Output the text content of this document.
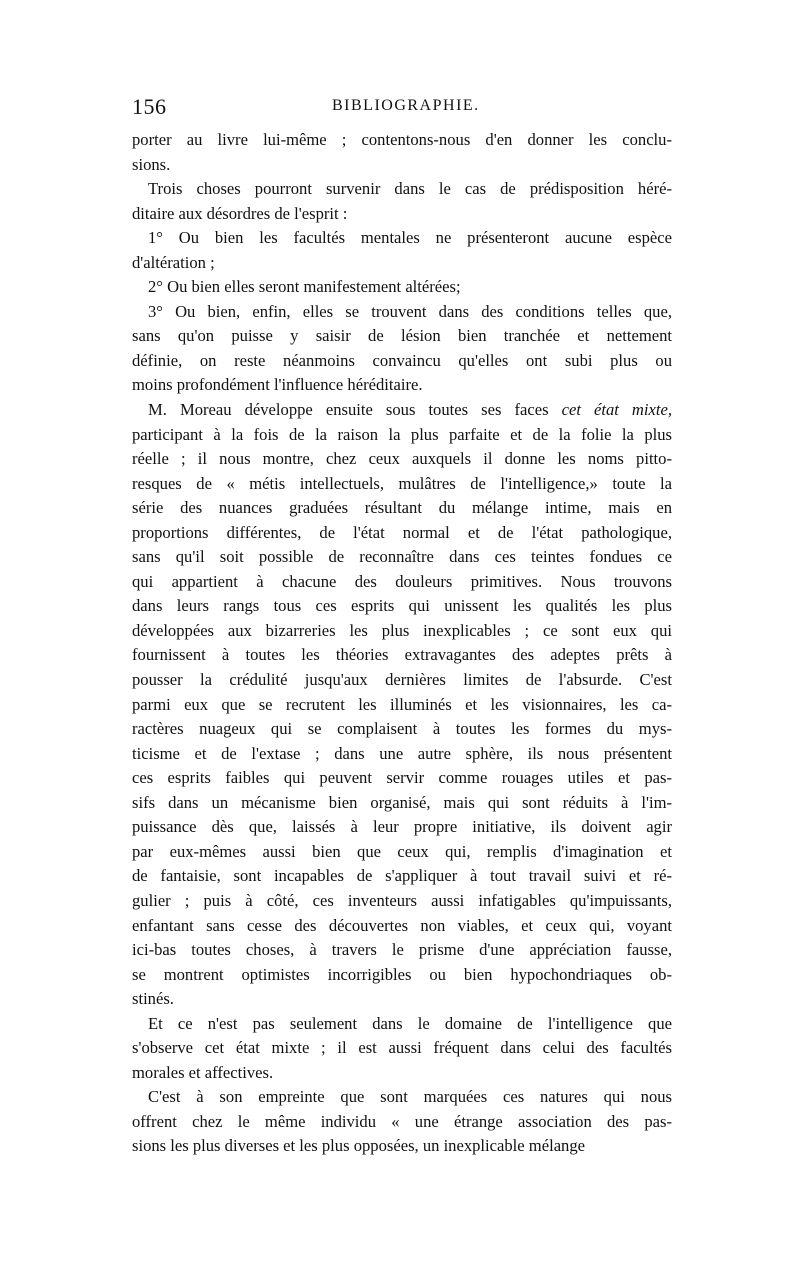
156	BIBLIOGRAPHIE.
porter au livre lui-même ; contentons-nous d'en donner les conclu-
sions.
Trois choses pourront survenir dans le cas de prédisposition héré-
ditaire aux désordres de l'esprit :
1° Ou bien les facultés mentales ne présenteront aucune espèce
d'altération ;
2° Ou bien elles seront manifestement altérées;
3° Ou bien, enfin, elles se trouvent dans des conditions telles que,
sans qu'on puisse y saisir de lésion bien tranchée et nettement
définie, on reste néanmoins convaincu qu'elles ont subi plus ou
moins profondément l'influence héréditaire.
M. Moreau développe ensuite sous toutes ses faces cet état mixte,
participant à la fois de la raison la plus parfaite et de la folie la plus
réelle ; il nous montre, chez ceux auxquels il donne les noms pitto-
resques de « métis intellectuels, mulâtres de l'intelligence,» toute la
série des nuances graduées résultant du mélange intime, mais en
proportions différentes, de l'état normal et de l'état pathologique,
sans qu'il soit possible de reconnaître dans ces teintes fondues ce
qui appartient à chacune des douleurs primitives. Nous trouvons
dans leurs rangs tous ces esprits qui unissent les qualités les plus
développées aux bizarreries les plus inexplicables ; ce sont eux qui
fournissent à toutes les théories extravagantes des adeptes prêts à
pousser la crédulité jusqu'aux dernières limites de l'absurde. C'est
parmi eux que se recrutent les illuminés et les visionnaires, les ca-
ractères nuageux qui se complaisent à toutes les formes du mys-
ticisme et de l'extase ; dans une autre sphère, ils nous présentent
ces esprits faibles qui peuvent servir comme rouages utiles et pas-
sifs dans un mécanisme bien organisé, mais qui sont réduits à l'im-
puissance dès que, laissés à leur propre initiative, ils doivent agir
par eux-mêmes aussi bien que ceux qui, remplis d'imagination et
de fantaisie, sont incapables de s'appliquer à tout travail suivi et ré-
gulier ; puis à côté, ces inventeurs aussi infatigables qu'impuissants,
enfantant sans cesse des découvertes non viables, et ceux qui, voyant
ici-bas toutes choses, à travers le prisme d'une appréciation fausse,
se montrent optimistes incorrigibles ou bien hypochondriaques ob-
stinés.
Et ce n'est pas seulement dans le domaine de l'intelligence que
s'observe cet état mixte ; il est aussi fréquent dans celui des facultés
morales et affectives.
C'est à son empreinte que sont marquées ces natures qui nous
offrent chez le même individu « une étrange association des pas-
sions les plus diverses et les plus opposées, un inexplicable mélange
